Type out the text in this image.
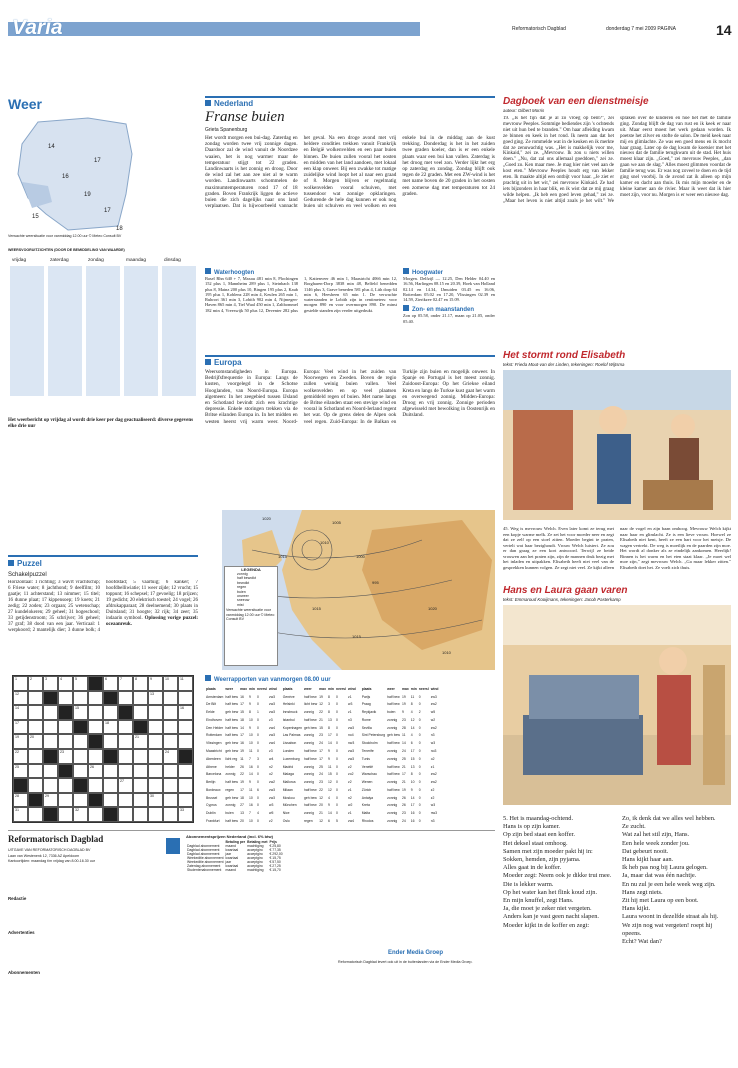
Varia	Reformatorisch Dagblad	donderdag 7 mei 2009 PAGINA	14
Weer
14
17
16
19
17
15
18
Verwachte weersituatie voor vanmiddag 12.00 uur © Meteo Consult BV
WEERSVOORUITZICHTEN (DOOR DE BEMIDDELING VAN WAARDE)
vrijdag	zaterdag	zondag	maandag	dinsdag
Het weerbericht op vrijdag al wordt drie keer per dag geactualiseerd: diverse gegevens elke drie uur
Nederland
Franse buien
Grieta Spanenburg
Het wordt morgen een bui-dag. Zaterdag en zondag worden twee vrij zonnige dagen. Daardoor zal de wind vanuit de Noordzee waaien, het is nog warmer maar de temperatuur stijgt tot 22 graden. Landinwaarts is het zonnig en droog. Door de wind zal het aan zee niet al te warm worden. Landinwaarts schommelen de maximumtemperaturen rond 17 of 18 graden. Boven Frankrijk liggen de actieve buien die zich dagelijks naar ons land verplaatsen. Dat is hijwoorbeeld vannacht het geval. Na een droge avond met vrij heldere condities trekken vanuit Frankrijk en België wolkenvelden en een paar buien binnen. De buien zullen vooral het oosten en midden van het land aandoen, met lokaal een klap onweer. Bij een zwakke tot matige zuidelijke wind loopt het al naar een graad of 8. Morgen blijven er regelmatig wolkenvelden vooral schuiven, met tussendoor wat zonnige opklaringen. Gedurende de hele dag kunnen er ook nog buien uit schuiven en veel wolken en een enkele bui in de middag aan de kust trekking. Donderdag is het in het zuiden twee graden koeler, dan is er een enkele plaats waar een bui kan vallen. Zaterdag is het droog met veel zon. Verder lijkt het erg op zaterdag en zondag. Zondag blijft ook tegen de 22 graden. Met een ZW-wind is het met name boven de 20 graden in het oosten een zomerse dag met temperaturen tot 24 graden.
Waterhoogten
Basel Rhn 640 + 7, Maxau 481 min 8, Plochingen 152 plus 1, Mannheim 289 plus 1, Steinbach 138 plus 8, Mainz 200 plus 10, Bingen 195 plus 2, Kaub 195 plus 1, Koblenz 228 min 4, Keulen 265 min 1, Ruhrort 361 min 3, Lobith 902 min 4, Nijmegen-Haven 865 min 4, Tiel Waal 450 min 1, Zaltbommel 182 min 4, Vreeswijk 50 plus 12, Deventer 282 plus 1, Kattenveer 46 min 1, Maastricht 4066 min 12, Borgharen-Dorp 3838 min 48, Belfeld benedden 1146 plus 3, Grave beneden 581 plus 4, Lith dorp 64 min 6, Heesbeen 65 min 1. De verwachte waterstanden te Lobith zijn in centimeters: voor morgen 890 en voor overmorgen 890. De minst gestelde standen zijn verder uitgedrukt.
Hoogwater
Morgen. Delfzijl — 12.25, Den Helder 04.40 en 16.56, Harlingen 08.15 en 20.39, Hoek van Holland 02.14 en 14.34, IJmuiden 03.45 en 16.06, Rotterdam 05.02 en 17.20, Vlissingen 02.39 en 14.59, Zierikzee 02.47 en 15.09.
Zon- en maanstanden
Zon op 05.58, onder 21.17, maan op 21.05, onder 05.40.
Europa
Weersomstandigheden in Europa. Bedrijfsfrequentie in Europa: Langs de kusten, voorgelegd in de Schotse Hooglanden, van Noord-Europa. Europa algemeen: In het zeegebied tussen IJsland en Schotland bevindt zich een krachtige depressie. Enkele storingen trekken via de Britse eilanden Europa in. In het midden en westen heerst vrij warm weer. Noord-Europa: Veel wind in het zuiden van Noorwegen en Zweden. Boven de regio zullen weinig buien vallen. Veel wolkenvelden en op veel plaatsen gemiddeld regen of buien. Met name langs de Britse eilanden staat een stevige wind en vooral in Schotland en Noord-Ierland regent het wat. Op de grens delen de Alpen ook veel regen. Zuid-Europa: In de Balkan en Turkije zijn buien en mogelijk onweer. In Spanje en Portugal is het meest zonnig. Zuidoost-Europa: Op het Griekse eiland Kreta en langs de Turkse kust gaat het warm en overwegend zonnig. Midden-Europa: Droog en vrij zonnig. Zonnige perioden afgewisseld met bewolking in Oostenrijk en Duitsland.
1020
1015
1010
1005
1000
995
1015	1020
1015
1010
LEGENDA
zonnig
half bewolkt
bewolkt
regen
buien
onweer
sneeuw
mist
Verwachte weersituatie voor vanmiddag 12.00 uur © Meteo Consult BV
Weerrapporten van vanmorgen 08.00 uur
plaats	weer	max	min	neersl	wind
Amsterdam	half bew	16	9	0	zw3
De Bilt	half bew	17	9	0	zw3
Eelde	geh bew	15	8	1	zw3
Eindhoven	half bew	18	10	0	z3
Den Helder	half bew	14	9	0	zw4
Rotterdam	half bew	17	10	0	zw3
Vlissingen	geh bew	16	10	0	zw4
Maastricht	geh bew	19	11	0	z3
Aberdeen	licht reg	11	7	3	w4
Athene	helder	26	16	0	n2
Barcelona	zonnig	22	14	0	o2
Berlijn	half bew	19	9	0	zw2
Bordeaux	regen	17	11	6	zw3
Brussel	geh bew	18	10	0	zw3
Cyprus	zonnig	27	16	0	w3
Dublin	buien	13	7	4	w5
Frankfurt	half bew	20	10	0	z2
plaats	weer	max	min	neersl	wind
Genève	half bew	19	8	0	z1
Helsinki	licht bew	12	3	0	w3
Innsbruck	zonnig	22	8	0	z1
Istanbul	half bew	21	13	0	n3
Kopenhagen	geh bew	15	8	0	zw3
Las Palmas	zonnig	23	17	0	no4
Lissabon	zonnig	24	14	0	nw3
Londen	half bew	17	9	0	zw3
Luxemburg	half bew	17	9	0	zw3
Madrid	zonnig	25	11	0	z2
Malaga	zonnig	24	15	0	zo2
Mallorca	zonnig	23	12	0	z2
Milaan	half bew	22	12	0	z1
Moskou	geh bew	12	4	0	n2
München	half bew	20	9	0	w2
Nice	zonnig	21	14	0	z1
Oslo	regen	12	6	5	zw4
plaats	weer	max	min	neersl	wind
Parijs	half bew	19	11	0	zw3
Praag	half bew	19	8	0	zw2
Reykjavik	buien	9	4	2	w5
Rome	zonnig	23	12	0	w2
Sevilla	zonnig	28	14	0	zw2
Sint Petersburg	geh bew	11	4	0	n3
Stockholm	half bew	14	6	0	w3
Tenerife	zonnig	24	17	0	no3
Tunis	zonnig	25	15	0	o2
Venetië	half bew	21	13	0	z1
Warschau	half bew	17	8	0	zw2
Wenen	zonnig	21	10	0	zw2
Zürich	half bew	19	9	0	z2
Antalya	zonnig	26	14	0	z2
Kreta	zonnig	26	17	0	w3
Malta	zonnig	23	16	0	nw3
Rhodos	zonnig	24	16	0	n3
Puzzel
Schakelpuzzel
Horizontaal: 1 richting; 3 wavrt vrachtschip; 6 Friese water; 8 jachthond; 9 deelfilm; 10 gaatje; 11 achterstand; 13 nimmer; 15 titel; 16 dunne plaat; 17 kippensoep; 19 koets; 21 zedig; 22 zoden; 23 orgaan; 25 wetenschap; 27 kundelokeren; 29 geheel; 31 hogeschool; 33 getijdenstroom; 35 schrijver; 36 geheel; 37 graf; 38 dood van een jaar. Verticaal: 1 werpkoord; 2 mantelijk dier; 3 dunne bolk; 4 hoofdstad; 5 vaartuig; 6 kanker; 7 hoofdbelliwiatie; 11 weer zijde; 12 vrucht; 15 toppunt; 16 schepsel; 17 gevoelig; 18 prijzen; 19 gedicht; 20 elektrisch toestel; 24 vogel; 26 afdrukapparaat; 28 deelnemend; 30 plaats in Duitsland; 31 hoogte; 32 rijk; 34 zeer; 35 indaarin symbool. Oplossing vorige puzzel: oceaanreuk.
1	2	3	4	5	6	7	8	9	10	11
12	13
14	15	16
17	18
19	20	21
22	23	24
25	26
27
28	29	30
31	32	33
Reformatorisch Dagblad
UITGAVE VAN REFORMATORISCH DAGBLAD BV
Laan van Westenenk 12, 7336 AZ Apeldoorn
Kantoortijden: maandag t/m vrijdag van 8.00-16.30 uur
Redactie
Advertenties
Abonnementen
Abonnementsprijzen Nederland (incl. 6% btw)
	Betaling per	Betaling met	Prijs
Dagblad abonnement	maand	machtiging	€ 25,80
Dagblad abonnement	kwartaal	acceptgiro	€ 77,35
Dagblad abonnement	jaar	acceptgiro	€ 292,00
Weekeditie abonnement	kwartaal	acceptgiro	€ 15,75
Weekeditie abonnement	jaar	acceptgiro	€ 57,50
Zaterdag abonnement	kwartaal	acceptgiro	€ 27,25
Studentenabonnement	maand	machtiging	€ 15,70
Ender Media Groep
Reformatorisch Dagblad levert ook uit in de buitenlanden via de Ender Media Groep.
Dagboek van een dienstmeisje
auteur: Gilbert Morris
19. „Is het fijn dat je al zo vroeg op bent?", zei mevrouw Peeples. Sommige bediendes zijn 's ochtends niet uit hun bed te branden." Om haar afleiding kwam ze binnen en keek in het rond. Ik neem aan dat het goed ging. Ze rommelde wat in de keuken en ik merkte dat ze zenuwachtig was. „Het is makkelijk voor me, Kinkaid," zei ze. „Mevrouw. Ik zou u niets willen doen." „Nu, dat zal ons allemaal goeddoen," zei ze. „Goed zo. Ken maar mee. Je mag hier niet veel aan de kost eten." Mevrouw Peeples houdt erg van lekker eten. Ik maakte altijd een ontbijt voor haar. „Je ziet er prachtig uit in het wit," zei mevrouw Kinkaid. Ze had iets bijzonders in haar blik, en ik wist dat ze mij graag wilde helpen. „Ik heb een goed leven gehad," zei ze. „Maar het leven is niet altijd zoals je het wilt." We spraken over de kinderen en hoe het met de familie ging. Zondag blijft de dag van rust en ik keek er naar uit. Maar eerst moest het werk gedaan worden. Ik poetste het zilver en stofte de salon. De meid keek naar mij en glimlachte. Ze was een goed mens en ik mocht haar graag. Later op de dag kwam de koetsier met het nieuws dat de familie terugkwam uit de stad. Het huis moest klaar zijn. „Goed," zei mevrouw Peeples, „dan gaan we aan de slag." Alles moest glimmen voordat de familie terug was. Er was nog zoveel te doen en de tijd ging snel voorbij. In de avond zat ik alleen op mijn kamer en dacht aan thuis. Ik mis mijn moeder en de kleine kamer aan de rivier. Maar ik weet dat ik hier moet zijn, voor nu. Morgen is er weer een nieuwe dag.
Het stormt rond Elisabeth
tekst: Frieda Mout-van der Linden, tekeningen: Roelof Wijtsma
45. Weg is mevrouw Welch. Even later komt ze terug met een kopje warme melk. Ze zet het voor moeder neer en zegt dat ze zelf op een stoel zitten. Moeder begint te praten, vertelt wat haar bezighoudt. Vrouw Welch luistert. Ze zou er dan graag ze een kort antwoord. Terwijl ze beide vrouwen aan het praten zijn, zijn de mannen druk bezig met het inladen en uitpakken. Elisabeth heeft niet veel van de gesprekken kunnen volgen. Ze zegt niet veel. Ze kijkt alleen naar de vogel en zijn baan omhoog. Mevrouw Welch kijkt naar haar en glimlacht. Ze is een lieve vrouw. Hoewel ze Elisabeth niet kent, heeft ze een hart voor het meisje. De wagen vertrekt. De weg is moeilijk en de paarden zijn moe. Het wordt al donker als ze eindelijk aankomen. Heerlijk! Binnen is het warm en het eten staat klaar. „Je moet wel moe zijn," zegt mevrouw Welch. „Ga maar lekker zitten." Elisabeth doet het. Ze voelt zich thuis.
Hans en Laura gaan varen
tekst: Emmaroud Kooijmans, tekeningen: Jacob Pasterkamp
5. Het is maandag-ochtend.
Hans is op zijn kamer.
Op zijn bed staat een koffer.
Het deksel staat omhoog.
Samen met zijn moeder pakt hij in:
Sokken, hemden, zijn pyjama.
Alles gaat in de koffer.
Moeder zegt: Neem ook je dikke trui mee.
Die is lekker warm.
Op het water kan het flink koud zijn.
En mijn knuffel, zegt Hans.
Ja, die moet je zeker niet vergeten.
Anders kan je vast geen nacht slapen.
Moeder kijkt in de koffer en zegt:
Zo, ik denk dat we alles wel hebben.
Ze zucht.
Wat zal het stil zijn, Hans.
Een hele week zonder jou.
Dat gebeurt nooit.
Hans kijkt haar aan.
Ik heb pas nog bij Laura gelogen.
Ja, maar dat was één nachtje.
En nu zul je een hele week weg zijn.
Hans zegt niets.
Zit hij met Laura op een boot.
Hans kijkt.
Laura woont in dezelfde straat als hij.
We zijn nog wat vergeten! roept hij opeens.
Echt? Wat dan?
